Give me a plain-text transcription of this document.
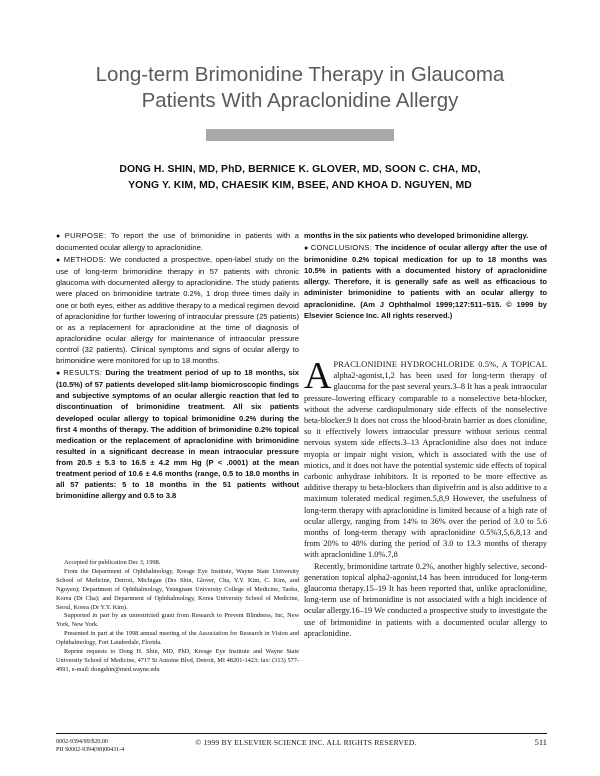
Long-term Brimonidine Therapy in Glaucoma
Patients With Apraclonidine Allergy

DONG H. SHIN, MD, PhD, BERNICE K. GLOVER, MD, SOON C. CHA, MD,
YONG Y. KIM, MD, CHAESIK KIM, BSEE, AND KHOA D. NGUYEN, MD

● PURPOSE: To report the use of brimonidine in patients with a documented ocular allergy to apraclonidine.

● METHODS: We conducted a prospective, open-label study on the use of long-term brimonidine therapy in 57 patients with chronic glaucoma with documented allergy to apraclonidine. The study patients were placed on brimonidine tartrate 0.2%, 1 drop three times daily in one or both eyes, either as additive therapy to a medical regimen devoid of apraclonidine for further lowering of intraocular pressure (25 patients) or as a replacement for apraclonidine at the time of diagnosis of apraclonidine ocular allergy for maintenance of intraocular pressure control (32 patients). Clinical symptoms and signs of ocular allergy to brimonidine were monitored for up to 18 months.

● RESULTS: During the treatment period of up to 18 months, six (10.5%) of 57 patients developed slit-lamp biomicroscopic findings and subjective symptoms of an ocular allergic reaction that led to discontinuation of brimonidine treatment. All six patients developed ocular allergy to topical brimonidine 0.2% during the first 4 months of therapy. The addition of brimonidine 0.2% topical medication or the replacement of apraclonidine with brimonidine resulted in a significant decrease in mean intraocular pressure from 20.5 ± 5.3 to 16.5 ± 4.2 mm Hg (P < .0001) at the mean treatment period of 10.6 ± 4.6 months (range, 0.5 to 18.0 months in all 57 patients: 5 to 18 months in the 51 patients without brimonidine allergy and 0.5 to 3.8

months in the six patients who developed brimonidine allergy.

● CONCLUSIONS: The incidence of ocular allergy after the use of brimonidine 0.2% topical medication for up to 18 months was 10.5% in patients with a documented history of apraclonidine allergy. Therefore, it is generally safe as well as efficacious to administer brimonidine to patients with an ocular allergy to apraclonidine. (Am J Ophthalmol 1999;127:511–515. © 1999 by Elsevier Science Inc. All rights reserved.)

Accepted for publication Dec 3, 1998.

From the Department of Ophthalmology, Kresge Eye Institute, Wayne State University School of Medicine, Detroit, Michigan (Drs Shin, Glover, Cha, Y.Y. Kim, C. Kim, and Nguyen); Department of Ophthalmology, Yeungnam University College of Medicine, Taeku, Korea (Dr Cha); and Department of Ophthalmology, Korea University School of Medicine, Seoul, Korea (Dr Y.Y. Kim).

Supported in part by an unrestricted grant from Research to Prevent Blindness, Inc, New York, New York.

Presented in part at the 1998 annual meeting of the Association for Research in Vision and Ophthalmology, Fort Lauderdale, Florida.

Reprint requests to Dong H. Shin, MD, PhD, Kresge Eye Institute and Wayne State University School of Medicine, 4717 St Antoine Blvd, Detroit, MI 48201-1423; fax: (313) 577-4991, e-mail: dongshin@med.wayne.edu

APRACLONIDINE HYDROCHLORIDE 0.5%, A TOPICAL alpha2-agonist,1,2 has been used for long-term therapy of glaucoma for the past several years.3–8 It has a peak intraocular pressure–lowering efficacy comparable to a nonselective beta-blocker, without the adverse cardiopulmonary side effects of the nonselective beta-blocker.9 It does not cross the blood-brain barrier as does clonidine, so it effectively lowers intraocular pressure without serious central nervous system side effects.3–13 Apraclonidine also does not induce myopia or impair night vision, which is associated with the use of miotics, and it does not have the potential systemic side effects of topical carbonic anhydrase inhibitors. It is reported to be more effective as additive therapy to beta-blockers than dipivefrin and is also additive to a maximum tolerated medical regimen.5,8,9 However, the usefulness of long-term therapy with apraclonidine is limited because of a high rate of ocular allergy, ranging from 14% to 36% over the period of 3.0 to 5.6 months of long-term therapy with apraclonidine 0.5%3,5,6,8,13 and from 20% to 48% during the period of 3.0 to 13.3 months of therapy with apraclonidine 1.0%.7,8

Recently, brimonidine tartrate 0.2%, another highly selective, second-generation topical alpha2-agonist,14 has been introduced for long-term glaucoma therapy.15–19 It has been reported that, unlike apraclonidine, long-term use of brimonidine is not associated with a high incidence of ocular allergy.16–19 We conducted a prospective study to investigate the use of brimonidine in patients with a documented ocular allergy to apraclonidine.

0002-9394/99/$20.00
PII S0002-9394(98)00431-4
© 1999 BY ELSEVIER SCIENCE INC. ALL RIGHTS RESERVED.	511
